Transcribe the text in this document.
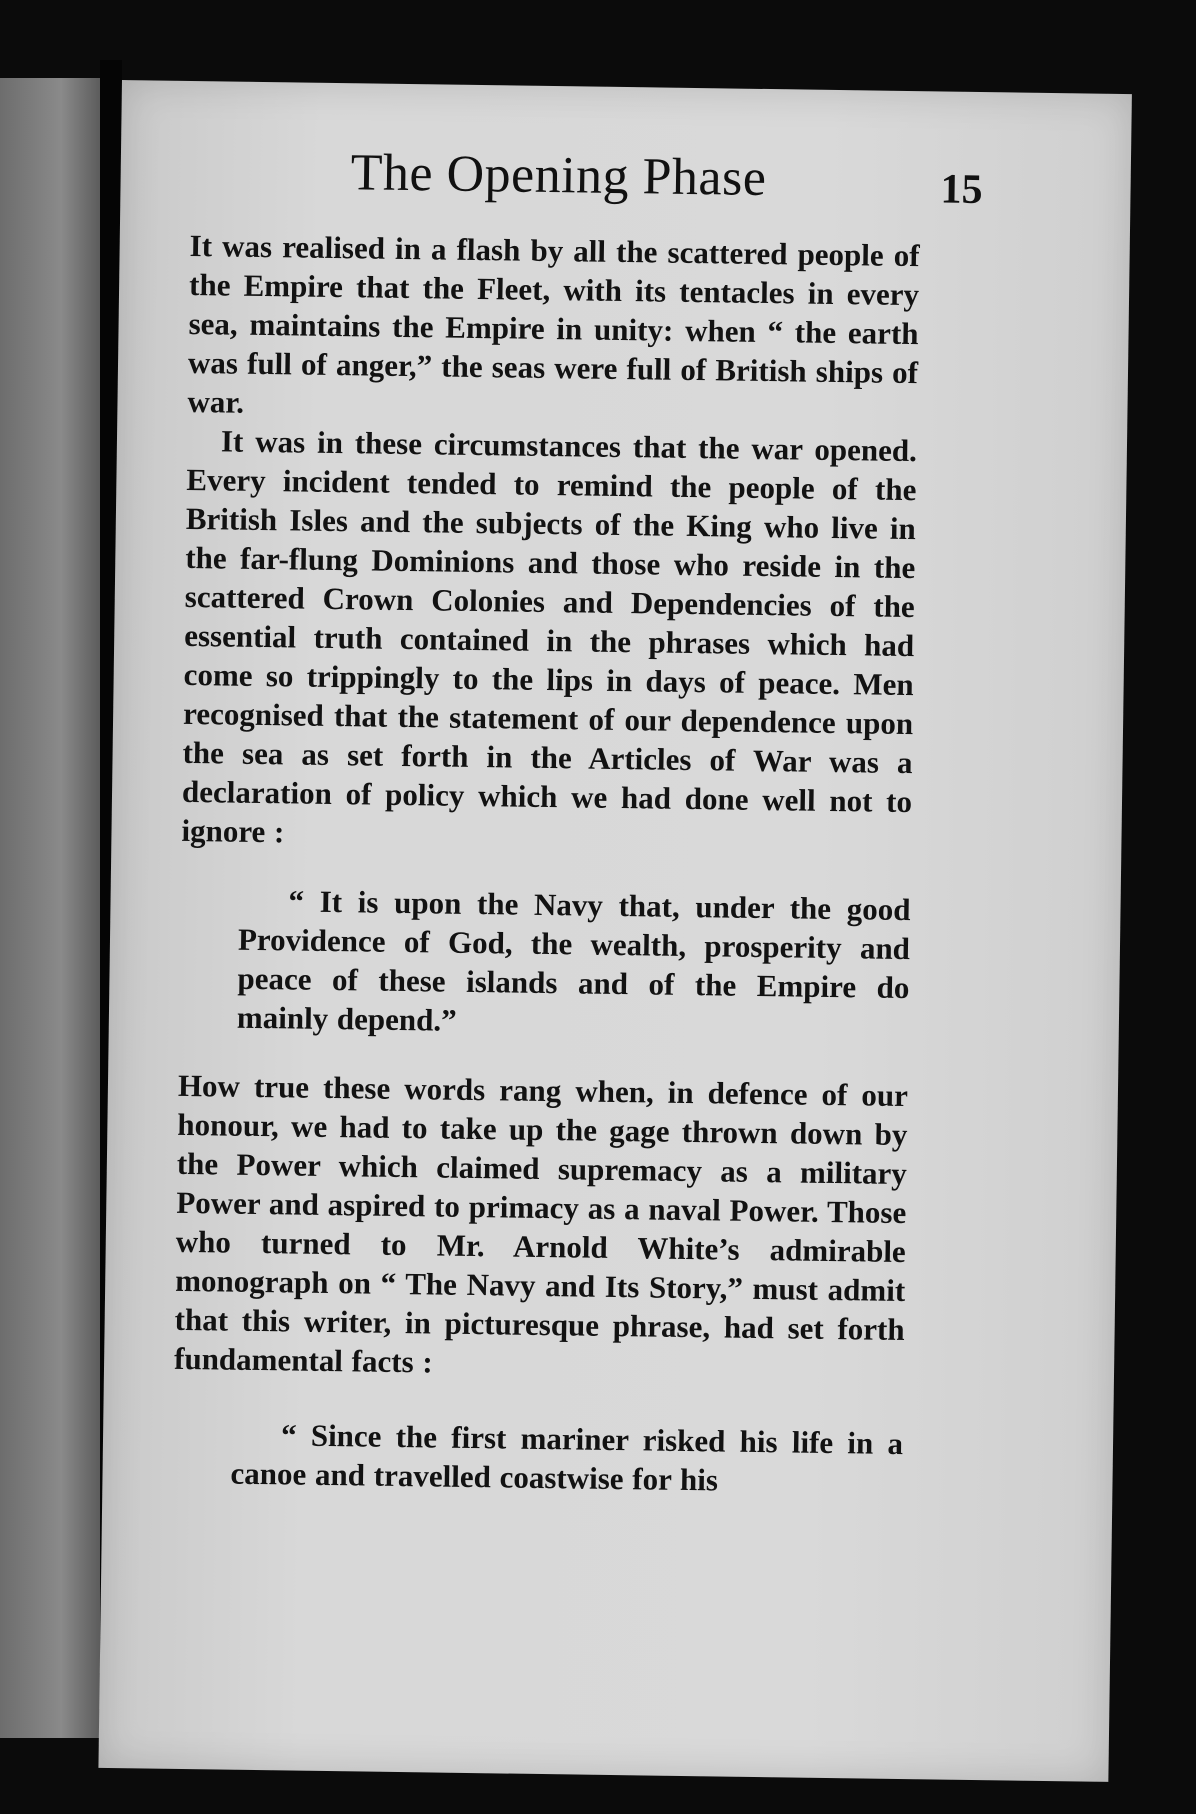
The Opening Phase	15

It was realised in a flash by all the scattered people of the Empire that the Fleet, with its tentacles in every sea, maintains the Empire in unity: when “ the earth was full of anger,” the seas were full of British ships of war.

It was in these circumstances that the war opened. Every incident tended to remind the people of the British Isles and the subjects of the King who live in the far-flung Dominions and those who reside in the scattered Crown Colonies and Dependencies of the essential truth contained in the phrases which had come so trippingly to the lips in days of peace. Men recognised that the statement of our dependence upon the sea as set forth in the Articles of War was a declaration of policy which we had done well not to ignore :

“ It is upon the Navy that, under the good Providence of God, the wealth, prosperity and peace of these islands and of the Empire do mainly depend.”

How true these words rang when, in defence of our honour, we had to take up the gage thrown down by the Power which claimed supremacy as a military Power and aspired to primacy as a naval Power. Those who turned to Mr. Arnold White’s admirable monograph on “ The Navy and Its Story,” must admit that this writer, in picturesque phrase, had set forth fundamental facts :

“ Since the first mariner risked his life in a canoe and travelled coastwise for his
